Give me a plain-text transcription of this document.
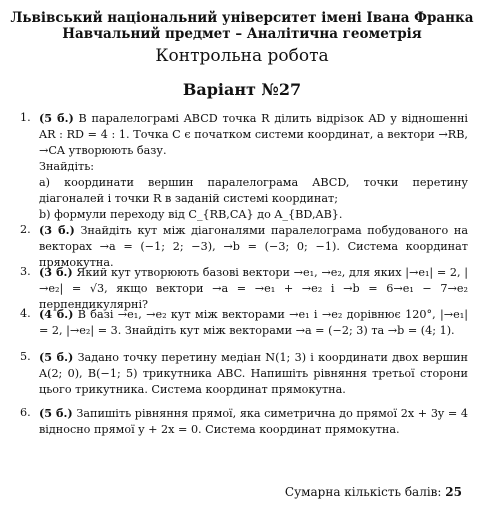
Львівський національний університет імені Івана Франка
Навчальний предмет – Аналітична геометрія
Контрольна робота
Варіант №27
1. (5 б.) В паралелограмі ABCD точка R ділить відрізок AD у відношенні AR : RD = 4 : 1. Точка C є початком системи координат, а вектори →RB, →CA утворюють базу.
Знайдіть:
а) координати вершин паралелограма ABCD, точки перетину діагоналей і точки R в заданій системі координат;
b) формули переходу від C_{RB,CA} до A_{BD,AB}.
2. (3 б.) Знайдіть кут між діагоналями паралелограма побудованого на векторах →a = (−1; 2; −3), →b = (−3; 0; −1). Система координат прямокутна.
3. (3 б.) Який кут утворюють базові вектори →e₁, →e₂, для яких |→e₁| = 2, |→e₂| = √3, якщо вектори →a = →e₁ + →e₂ і →b = 6→e₁ − 7→e₂ перпендикулярні?
4. (4 б.) В базі →e₁, →e₂ кут між векторами →e₁ і →e₂ дорівнює 120°, |→e₁| = 2, |→e₂| = 3. Знайдіть кут між векторами →a = (−2; 3) та →b = (4; 1).
5. (5 б.) Задано точку перетину медіан N(1; 3) і координати двох вершин A(2; 0), B(−1; 5) трикутника ABC. Напишіть рівняння третьої сторони цього трикутника. Система координат прямокутна.
6. (5 б.) Запишіть рівняння прямої, яка симетрична до прямої 2x + 3y = 4 відносно прямої y + 2x = 0. Система координат прямокутна.
Сумарна кількість балів: 25
